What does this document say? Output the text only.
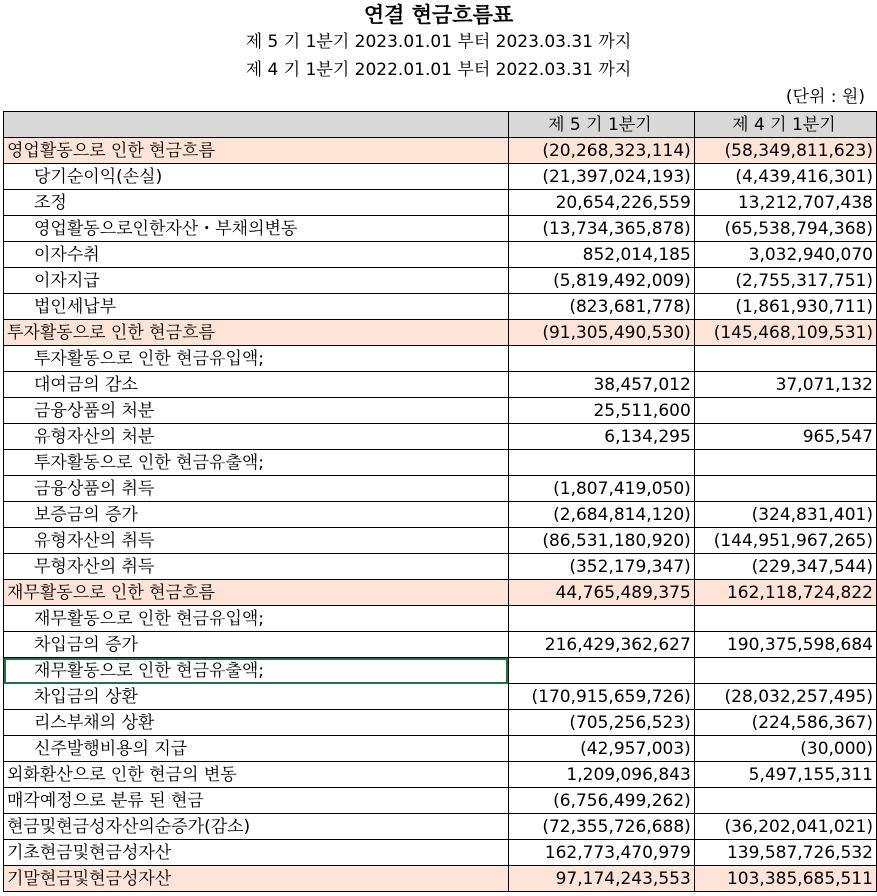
연결 현금흐름표
제 5 기 1분기 2023.01.01 부터 2023.03.31 까지
제 4 기 1분기 2022.01.01 부터 2022.03.31 까지
(단위 : 원)
	제 5 기 1분기	제 4 기 1분기
영업활동으로 인한 현금흐름	(20,268,323,114)	(58,349,811,623)
당기순이익(손실)	(21,397,024,193)	(4,439,416,301)
조정	20,654,226,559	13,212,707,438
영업활동으로인한자산・부채의변동	(13,734,365,878)	(65,538,794,368)
이자수취	852,014,185	3,032,940,070
이자지급	(5,819,492,009)	(2,755,317,751)
법인세납부	(823,681,778)	(1,861,930,711)
투자활동으로 인한 현금흐름	(91,305,490,530)	(145,468,109,531)
투자활동으로 인한 현금유입액;		
대여금의 감소	38,457,012	37,071,132
금융상품의 처분	25,511,600	
유형자산의 처분	6,134,295	965,547
투자활동으로 인한 현금유출액;		
금융상품의 취득	(1,807,419,050)	
보증금의 증가	(2,684,814,120)	(324,831,401)
유형자산의 취득	(86,531,180,920)	(144,951,967,265)
무형자산의 취득	(352,179,347)	(229,347,544)
재무활동으로 인한 현금흐름	44,765,489,375	162,118,724,822
재무활동으로 인한 현금유입액;		
차입금의 증가	216,429,362,627	190,375,598,684
재무활동으로 인한 현금유출액;		
차입금의 상환	(170,915,659,726)	(28,032,257,495)
리스부채의 상환	(705,256,523)	(224,586,367)
신주발행비용의 지급	(42,957,003)	(30,000)
외화환산으로 인한 현금의 변동	1,209,096,843	5,497,155,311
매각예정으로 분류 된 현금	(6,756,499,262)	
현금및현금성자산의순증가(감소)	(72,355,726,688)	(36,202,041,021)
기초현금및현금성자산	162,773,470,979	139,587,726,532
기말현금및현금성자산	97,174,243,553	103,385,685,511
